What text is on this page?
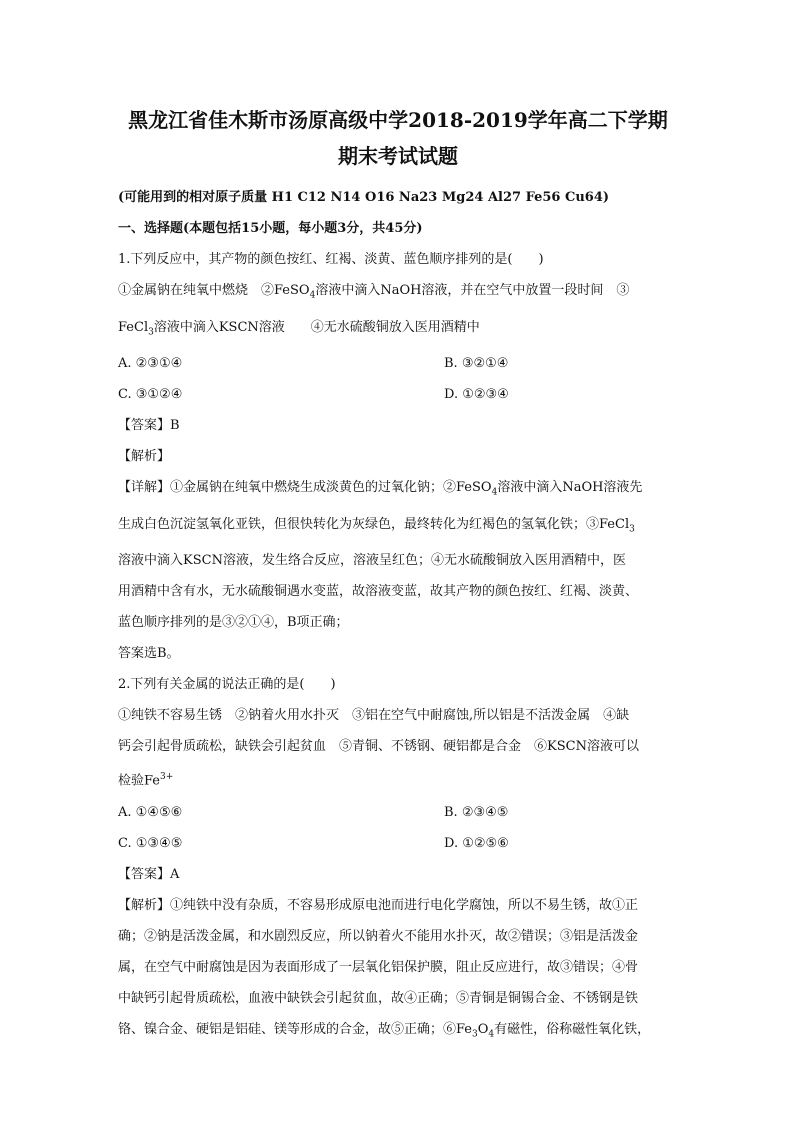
黑龙江省佳木斯市汤原高级中学2018-2019学年高二下学期

期末考试试题

(可能用到的相对原子质量 H1 C12 N14 O16 Na23 Mg24 Al27 Fe56 Cu64)

一、选择题(本题包括15小题，每小题3分，共45分)

1.下列反应中，其产物的颜色按红、红褐、淡黄、蓝色顺序排列的是(　　)

①金属钠在纯氧中燃烧　②FeSO$_4$溶液中滴入NaOH溶液，并在空气中放置一段时间　③

FeCl$_3$溶液中滴入KSCN溶液　　④无水硫酸铜放入医用酒精中

A. ②③①④	B. ③②①④
C. ③①②④	D. ①②③④

【答案】B

【解析】

【详解】①金属钠在纯氧中燃烧生成淡黄色的过氧化钠；②FeSO$_4$溶液中滴入NaOH溶液先

生成白色沉淀氢氧化亚铁，但很快转化为灰绿色，最终转化为红褐色的氢氧化铁；③FeCl$_3$

溶液中滴入KSCN溶液，发生络合反应，溶液呈红色；④无水硫酸铜放入医用酒精中，医

用酒精中含有水，无水硫酸铜遇水变蓝，故溶液变蓝，故其产物的颜色按红、红褐、淡黄、

蓝色顺序排列的是③②①④，B项正确；

答案选B。

2.下列有关金属的说法正确的是(　　)

①纯铁不容易生锈　②钠着火用水扑灭　③铝在空气中耐腐蚀,所以铝是不活泼金属　④缺

钙会引起骨质疏松，缺铁会引起贫血　⑤青铜、不锈钢、硬铝都是合金　⑥KSCN溶液可以

检验$Fe^{3+}$

A. ①④⑤⑥	B. ②③④⑤
C. ①③④⑤	D. ①②⑤⑥

【答案】A

【解析】①纯铁中没有杂质，不容易形成原电池而进行电化学腐蚀，所以不易生锈，故①正

确；②钠是活泼金属，和水剧烈反应，所以钠着火不能用水扑灭，故②错误；③铝是活泼金

属，在空气中耐腐蚀是因为表面形成了一层氧化铝保护膜，阻止反应进行，故③错误；④骨

中缺钙引起骨质疏松，血液中缺铁会引起贫血，故④正确；⑤青铜是铜锡合金、不锈钢是铁

铬、镍合金、硬铝是铝硅、镁等形成的合金，故⑤正确；$⑥Fe_3O_4$有磁性，俗称磁性氧化铁，
